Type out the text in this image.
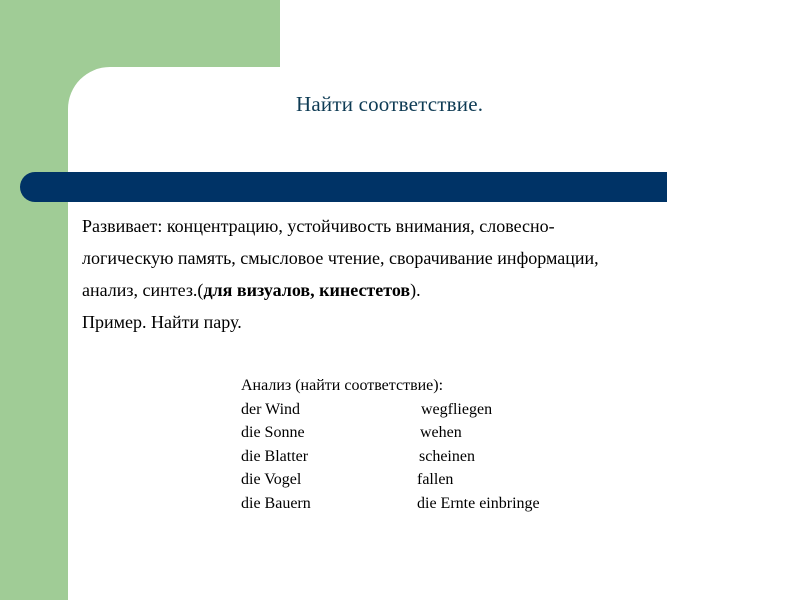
Найти соответствие.
Развивает: концентрацию, устойчивость внимания, словесно-
логическую память, смысловое чтение, сворачивание информации,
анализ, синтез.(для визуалов, кинестетов).
Пример. Найти пару.
Анализ (найти соответствие):
der Wind	wegfliegen
die Sonne	wehen
die Blatter	scheinen
die Vogel	fallen
die Bauern	die Ernte einbringe
